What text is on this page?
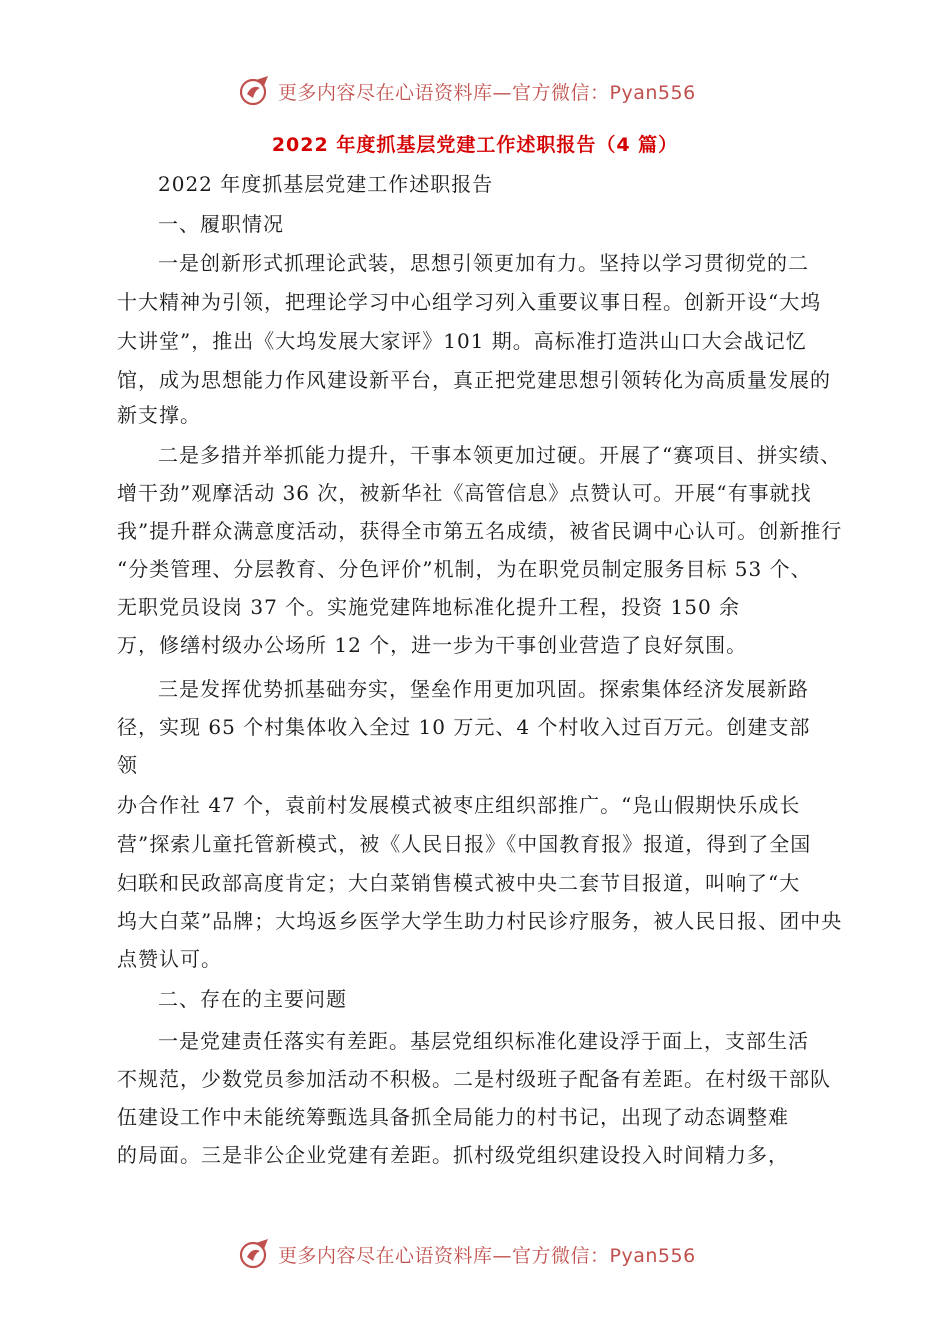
更多内容尽在心语资料库—官方微信：Pyan556
2022 年度抓基层党建工作述职报告（4 篇）
2022 年度抓基层党建工作述职报告
一、履职情况
一是创新形式抓理论武装，思想引领更加有力。坚持以学习贯彻党的二
十大精神为引领，把理论学习中心组学习列入重要议事日程。创新开设“大坞
大讲堂”，推出《大坞发展大家评》101 期。高标准打造洪山口大会战记忆
馆，成为思想能力作风建设新平台，真正把党建思想引领转化为高质量发展的
新支撑。
二是多措并举抓能力提升，干事本领更加过硬。开展了“赛项目、拼实绩、
增干劲”观摩活动 36 次，被新华社《高管信息》点赞认可。开展“有事就找
我”提升群众满意度活动，获得全市第五名成绩，被省民调中心认可。创新推行
“分类管理、分层教育、分色评价”机制，为在职党员制定服务目标 53 个、
无职党员设岗 37 个。实施党建阵地标准化提升工程，投资 150 余
万，修缮村级办公场所 12 个，进一步为干事创业营造了良好氛围。
三是发挥优势抓基础夯实，堡垒作用更加巩固。探索集体经济发展新路
径，实现 65 个村集体收入全过 10 万元、4 个村收入过百万元。创建支部
领
办合作社 47 个，袁前村发展模式被枣庄组织部推广。“凫山假期快乐成长
营”探索儿童托管新模式，被《人民日报》《中国教育报》报道，得到了全国
妇联和民政部高度肯定；大白菜销售模式被中央二套节目报道，叫响了“大
坞大白菜”品牌；大坞返乡医学大学生助力村民诊疗服务，被人民日报、团中央
点赞认可。
二、存在的主要问题
一是党建责任落实有差距。基层党组织标准化建设浮于面上，支部生活
不规范，少数党员参加活动不积极。二是村级班子配备有差距。在村级干部队
伍建设工作中未能统筹甄选具备抓全局能力的村书记，出现了动态调整难
的局面。三是非公企业党建有差距。抓村级党组织建设投入时间精力多，
更多内容尽在心语资料库—官方微信：Pyan556
